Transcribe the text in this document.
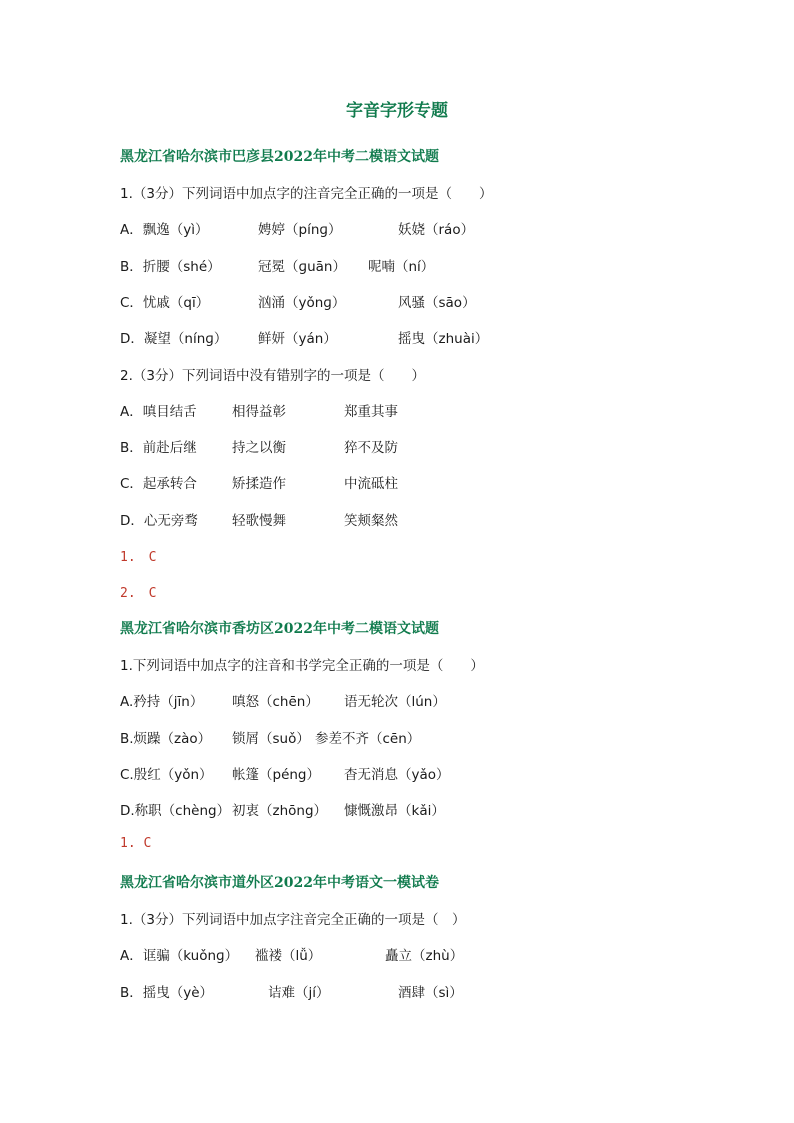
字音字形专题
黑龙江省哈尔滨市巴彦县2022年中考二模语文试题
1.（3分）下列词语中加点字的注音完全正确的一项是（　　）
A．飘逸（yì）	娉婷（pínɡ）	妖娆（ráo）
B．折腰（shé）	冠冕（ɡuān） 呢喃（ní）
C．忧戚（qī）	汹涌（yǒnɡ）	风骚（sāo）
D．凝望（nínɡ） 鲜妍（yán）	摇曳（zhuài）
2.（3分）下列词语中没有错别字的一项是（　　）
A．嗔目结舌	相得益彰	郑重其事
B．前赴后继	持之以衡	猝不及防
C．起承转合	矫揉造作	中流砥柱
D．心无旁骛	轻歌慢舞	笑颊粲然
1.　C
2.　C
黑龙江省哈尔滨市香坊区2022年中考二模语文试题
1.下列词语中加点字的注音和书学完全正确的一项是（　　）
A.矜持（jīn） 嗔怒（chēn） 语无轮次（lún）
B.烦躁（zào） 锁屑（suǒ） 参差不齐（cēn）
C.殷红（yǒn） 帐篷（péng） 杳无消息（yǎo）
D.称职（chèng） 初衷（zhōng） 慷慨激昂（kǎi）
1. C
黑龙江省哈尔滨市道外区2022年中考语文一模试卷
1.（3分）下列词语中加点字注音完全正确的一项是（　）
A．诓骗（kuǒnɡ） 褴褛（lǚ）	矗立（zhù）
B．摇曳（yè）	诘难（jí）	酒肆（sì）
